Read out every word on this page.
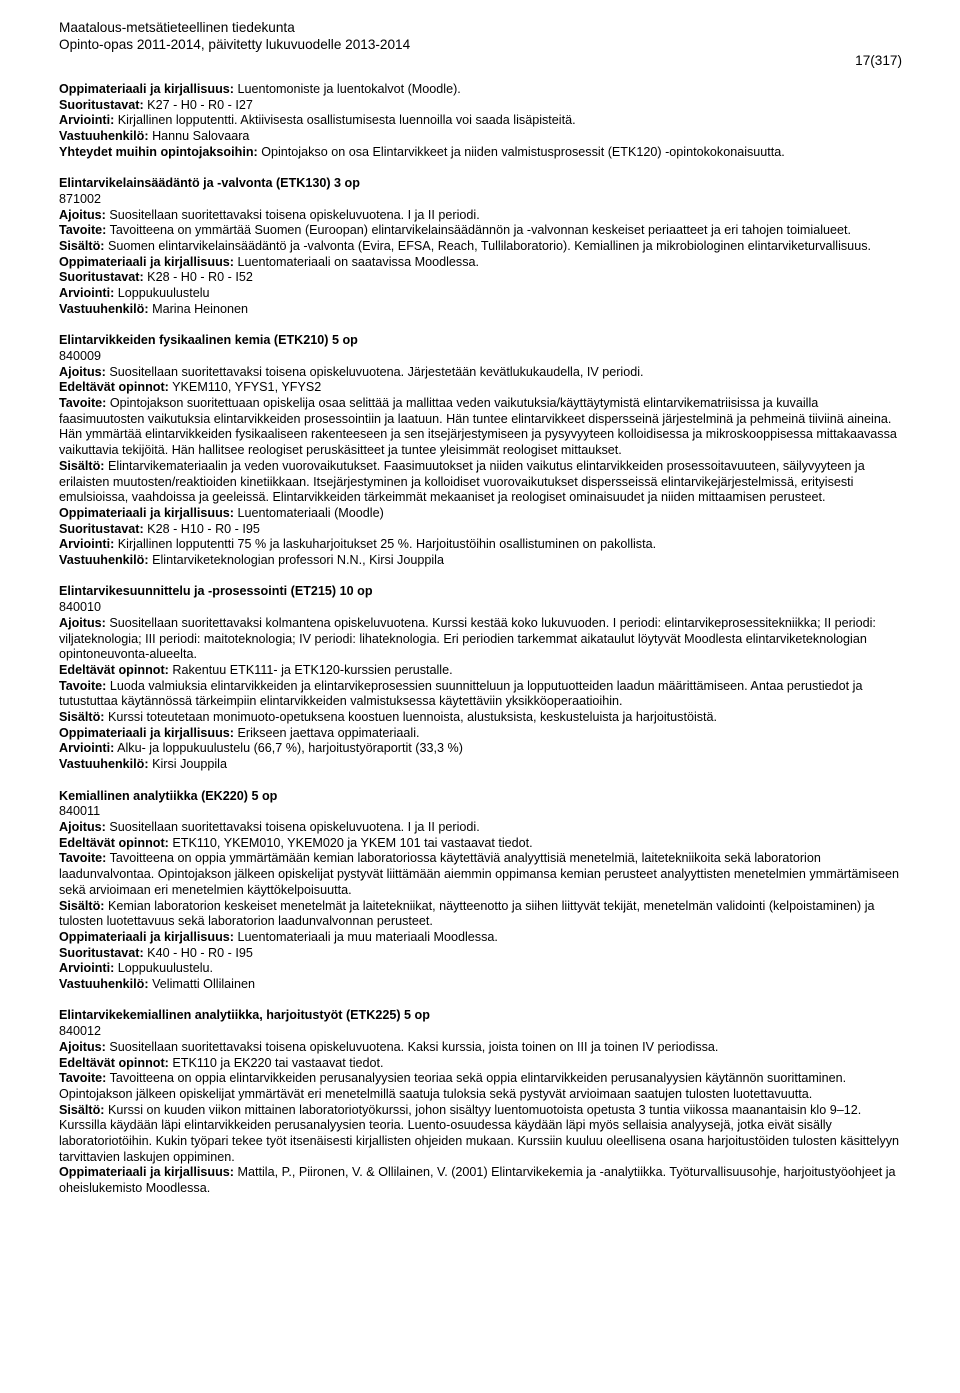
Maatalous-metsätieteellinen tiedekunta
Opinto-opas 2011-2014, päivitetty lukuvuodelle 2013-2014
17(317)
Oppimateriaali ja kirjallisuus: Luentomoniste ja luentokalvot (Moodle).
Suoritustavat: K27 - H0 - R0 - I27
Arviointi: Kirjallinen lopputentti. Aktiivisesta osallistumisesta luennoilla voi saada lisäpisteitä.
Vastuuhenkilö: Hannu Salovaara
Yhteydet muihin opintojaksoihin: Opintojakso on osa Elintarvikkeet ja niiden valmistusprosessit (ETK120) -opintokokonaisuutta.
Elintarvikelainsäädäntö ja -valvonta (ETK130) 3 op
871002
Ajoitus: Suositellaan suoritettavaksi toisena opiskeluvuotena. I ja II periodi.
Tavoite: Tavoitteena on ymmärtää Suomen (Euroopan) elintarvikelainsäädännön ja -valvonnan keskeiset periaatteet ja eri tahojen toimialueet.
Sisältö: Suomen elintarvikelainsäädäntö ja -valvonta (Evira, EFSA, Reach, Tullilaboratorio). Kemiallinen ja mikrobiologinen elintarviketurvallisuus.
Oppimateriaali ja kirjallisuus: Luentomateriaali on saatavissa Moodlessa.
Suoritustavat: K28 - H0 - R0 - I52
Arviointi: Loppukuulustelu
Vastuuhenkilö: Marina Heinonen
Elintarvikkeiden fysikaalinen kemia (ETK210) 5 op
840009
Ajoitus: Suositellaan suoritettavaksi toisena opiskeluvuotena. Järjestetään kevätlukukaudella, IV periodi.
Edeltävät opinnot: YKEM110, YFYS1, YFYS2
Tavoite: Opintojakson suoritettuaan opiskelija osaa selittää ja mallittaa veden vaikutuksia/käyttäytymistä elintarvikematriisissa ja kuvailla faasimuutosten vaikutuksia elintarvikkeiden prosessointiin ja laatuun. Hän tuntee elintarvikkeet dispersseinä järjestelminä ja pehmeinä tiiviinä aineina. Hän ymmärtää elintarvikkeiden fysikaaliseen rakenteeseen ja sen itsejärjestymiseen ja pysyvyyteen kolloidisessa ja mikroskooppisessa mittakaavassa vaikuttavia tekijöitä. Hän hallitsee reologiset peruskäsitteet ja tuntee yleisimmät reologiset mittaukset.
Sisältö: Elintarvikemateriaalin ja veden vuorovaikutukset. Faasimuutokset ja niiden vaikutus elintarvikkeiden prosessoitavuuteen, säilyvyyteen ja erilaisten muutosten/reaktioiden kinetiikkaan. Itsejärjestyminen ja kolloidiset vuorovaikutukset dispersseissä elintarvikejärjestelmissä, erityisesti emulsioissa, vaahdoissa ja geeleissä. Elintarvikkeiden tärkeimmät mekaaniset ja reologiset ominaisuudet ja niiden mittaamisen perusteet.
Oppimateriaali ja kirjallisuus: Luentomateriaali (Moodle)
Suoritustavat: K28 - H10 - R0 - I95
Arviointi: Kirjallinen lopputentti 75 % ja laskuharjoitukset 25 %. Harjoitustöihin osallistuminen on pakollista.
Vastuuhenkilö: Elintarviketeknologian professori N.N., Kirsi Jouppila
Elintarvikesuunnittelu ja -prosessointi (ET215) 10 op
840010
Ajoitus: Suositellaan suoritettavaksi kolmantena opiskeluvuotena. Kurssi kestää koko lukuvuoden. I periodi: elintarvikeprosessitekniikka; II periodi: viljateknologia; III periodi: maitoteknologia; IV periodi: lihateknologia. Eri periodien tarkemmat aikataulut löytyvät Moodlesta elintarviketeknologian opintoneuvonta-alueelta.
Edeltävät opinnot: Rakentuu ETK111- ja ETK120-kurssien perustalle.
Tavoite: Luoda valmiuksia elintarvikkeiden ja elintarvikeprosessien suunnitteluun ja lopputuotteiden laadun määrittämiseen. Antaa perustiedot ja tutustuttaa käytännössä tärkeimpiin elintarvikkeiden valmistuksessa käytettäviin yksikköoperaatioihin.
Sisältö: Kurssi toteutetaan monimuoto-opetuksena koostuen luennoista, alustuksista, keskusteluista ja harjoitustöistä.
Oppimateriaali ja kirjallisuus: Erikseen jaettava oppimateriaali.
Arviointi: Alku- ja loppukuulustelu (66,7 %), harjoitustyöraportit (33,3 %)
Vastuuhenkilö: Kirsi Jouppila
Kemiallinen analytiikka (EK220) 5 op
840011
Ajoitus: Suositellaan suoritettavaksi toisena opiskeluvuotena. I ja II periodi.
Edeltävät opinnot: ETK110, YKEM010, YKEM020 ja YKEM 101 tai vastaavat tiedot.
Tavoite: Tavoitteena on oppia ymmärtämään kemian laboratoriossa käytettäviä analyyttisiä menetelmiä, laitetekniikoita sekä laboratorion laadunvalvontaa. Opintojakson jälkeen opiskelijat pystyvät liittämään aiemmin oppimansa kemian perusteet analyyttisten menetelmien ymmärtämiseen sekä arvioimaan eri menetelmien käyttökelpoisuutta.
Sisältö: Kemian laboratorion keskeiset menetelmät ja laitetekniikat, näytteenotto ja siihen liittyvät tekijät, menetelmän validointi (kelpoistaminen) ja tulosten luotettavuus sekä laboratorion laadunvalvonnan perusteet.
Oppimateriaali ja kirjallisuus: Luentomateriaali ja muu materiaali Moodlessa.
Suoritustavat: K40 - H0 - R0 - I95
Arviointi: Loppukuulustelu.
Vastuuhenkilö: Velimatti Ollilainen
Elintarvikekemiallinen analytiikka, harjoitustyöt (ETK225) 5 op
840012
Ajoitus: Suositellaan suoritettavaksi toisena opiskeluvuotena. Kaksi kurssia, joista toinen on III ja toinen IV periodissa.
Edeltävät opinnot: ETK110 ja EK220 tai vastaavat tiedot.
Tavoite: Tavoitteena on oppia elintarvikkeiden perusanalyysien teoriaa sekä oppia elintarvikkeiden perusanalyysien käytännön suorittaminen. Opintojakson jälkeen opiskelijat ymmärtävät eri menetelmillä saatuja tuloksia sekä pystyvät arvioimaan saatujen tulosten luotettavuutta.
Sisältö: Kurssi on kuuden viikon mittainen laboratoriotyökurssi, johon sisältyy luentomuotoista opetusta 3 tuntia viikossa maanantaisin klo 9–12. Kurssilla käydään läpi elintarvikkeiden perusanalyysien teoria. Luento-osuudessa käydään läpi myös sellaisia analyysejä, jotka eivät sisälly laboratoriotöihin. Kukin työpari tekee työt itsenäisesti kirjallisten ohjeiden mukaan. Kurssiin kuuluu oleellisena osana harjoitustöiden tulosten käsittelyyn tarvittavien laskujen oppiminen.
Oppimateriaali ja kirjallisuus: Mattila, P., Piironen, V. & Ollilainen, V. (2001) Elintarvikekemia ja -analytiikka. Työturvallisuusohje, harjoitustyöohjeet ja oheislukemisto Moodlessa.
